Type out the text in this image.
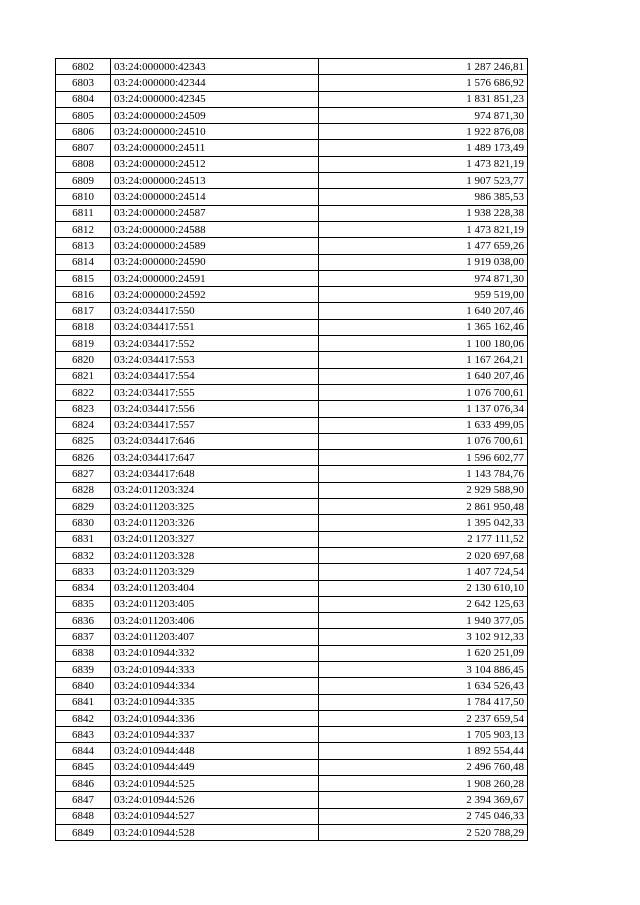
6802	03:24:000000:42343	1 287 246,81
6803	03:24:000000:42344	1 576 686,92
6804	03:24:000000:42345	1 831 851,23
6805	03:24:000000:24509	974 871,30
6806	03:24:000000:24510	1 922 876,08
6807	03:24:000000:24511	1 489 173,49
6808	03:24:000000:24512	1 473 821,19
6809	03:24:000000:24513	1 907 523,77
6810	03:24:000000:24514	986 385,53
6811	03:24:000000:24587	1 938 228,38
6812	03:24:000000:24588	1 473 821,19
6813	03:24:000000:24589	1 477 659,26
6814	03:24:000000:24590	1 919 038,00
6815	03:24:000000:24591	974 871,30
6816	03:24:000000:24592	959 519,00
6817	03:24:034417:550	1 640 207,46
6818	03:24:034417:551	1 365 162,46
6819	03:24:034417:552	1 100 180,06
6820	03:24:034417:553	1 167 264,21
6821	03:24:034417:554	1 640 207,46
6822	03:24:034417:555	1 076 700,61
6823	03:24:034417:556	1 137 076,34
6824	03:24:034417:557	1 633 499,05
6825	03:24:034417:646	1 076 700,61
6826	03:24:034417:647	1 596 602,77
6827	03:24:034417:648	1 143 784,76
6828	03:24:011203:324	2 929 588,90
6829	03:24:011203:325	2 861 950,48
6830	03:24:011203:326	1 395 042,33
6831	03:24:011203:327	2 177 111,52
6832	03:24:011203:328	2 020 697,68
6833	03:24:011203:329	1 407 724,54
6834	03:24:011203:404	2 130 610,10
6835	03:24:011203:405	2 642 125,63
6836	03:24:011203:406	1 940 377,05
6837	03:24:011203:407	3 102 912,33
6838	03:24:010944:332	1 620 251,09
6839	03:24:010944:333	3 104 886,45
6840	03:24:010944:334	1 634 526,43
6841	03:24:010944:335	1 784 417,50
6842	03:24:010944:336	2 237 659,54
6843	03:24:010944:337	1 705 903,13
6844	03:24:010944:448	1 892 554,44
6845	03:24:010944:449	2 496 760,48
6846	03:24:010944:525	1 908 260,28
6847	03:24:010944:526	2 394 369,67
6848	03:24:010944:527	2 745 046,33
6849	03:24:010944:528	2 520 788,29
